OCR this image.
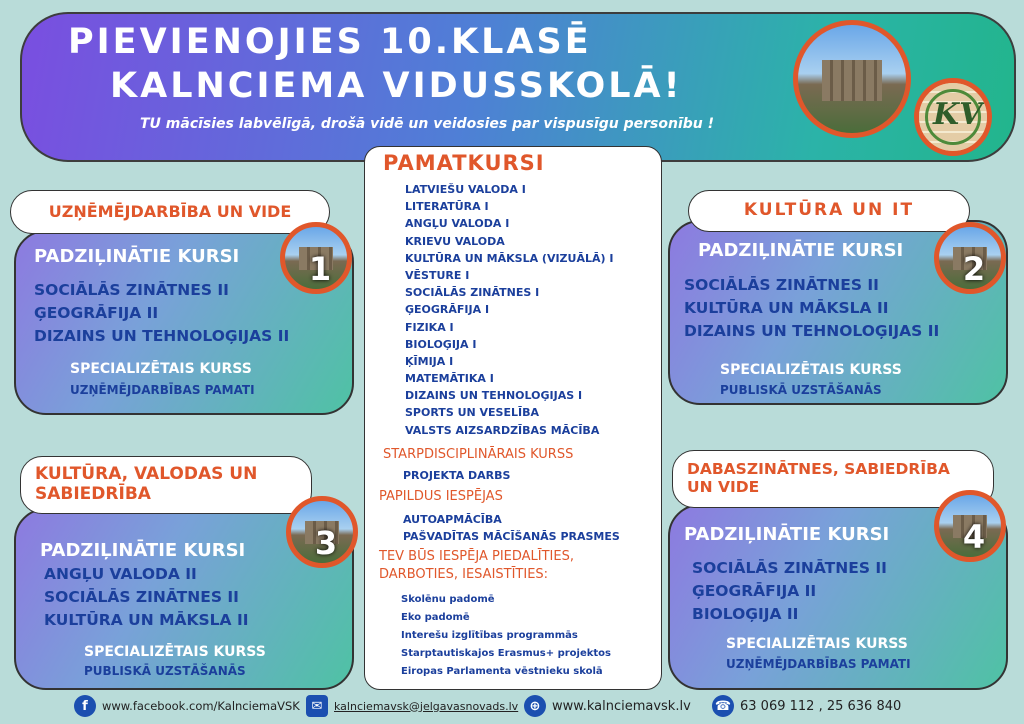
PIEVIENOJIES 10.KLASĒ
KALNCIEMA VIDUSSKOLĀ!
TU mācīsies labvēlīgā, drošā vidē un veidosies par vispusīgu personību !	KV
PAMATKURSI
LATVIEŠU VALODA I
LITERATŪRA I
ANGĻU VALODA I
KRIEVU VALODA
KULTŪRA UN MĀKSLA (VIZUĀLĀ) I
VĒSTURE I
SOCIĀLĀS ZINĀTNES I
ĢEOGRĀFIJA I
FIZIKA I
BIOLOĢIJA I
ĶĪMIJA I
MATEMĀTIKA I
DIZAINS UN TEHNOLOĢIJAS I
SPORTS UN VESELĪBA
VALSTS AIZSARDZĪBAS MĀCĪBA
STARPDISCIPLINĀRAIS KURSS
PROJEKTA DARBS
PAPILDUS IESPĒJAS
AUTOAPMĀCĪBA
PAŠVADĪTAS MĀCĪŠANĀS PRASMES
TEV BŪS IESPĒJA PIEDALĪTIES,
DARBOTIES, IESAISTĪTIES:
Skolēnu padomē
Eko padomē
Interešu izglītības programmās
Starptautiskajos Erasmus+ projektos
Eiropas Parlamenta vēstnieku skolā
UZŅĒMĒJDARBĪBA UN VIDE
1
PADZIĻINĀTIE KURSI
SOCIĀLĀS ZINĀTNES II
ĢEOGRĀFIJA II
DIZAINS UN TEHNOLOĢIJAS II
SPECIALIZĒTAIS KURSS
UZŅĒMĒJDARBĪBAS PAMATI
KULTŪRA UN IT
2
PADZIĻINĀTIE KURSI
SOCIĀLĀS ZINĀTNES II
KULTŪRA UN MĀKSLA II
DIZAINS UN TEHNOLOĢIJAS II
SPECIALIZĒTAIS KURSS
PUBLISKĀ UZSTĀŠANĀS
KULTŪRA, VALODAS UN
SABIEDRĪBA
3
PADZIĻINĀTIE KURSI
ANGĻU VALODA II
SOCIĀLĀS ZINĀTNES II
KULTŪRA UN MĀKSLA II
SPECIALIZĒTAIS KURSS
PUBLISKĀ UZSTĀŠANĀS
DABASZINĀTNES, SABIEDRĪBA
UN VIDE
4
PADZIĻINĀTIE KURSI
SOCIĀLĀS ZINĀTNES II
ĢEOGRĀFIJA II
BIOLOĢIJA II
SPECIALIZĒTAIS KURSS
UZŅĒMĒJDARBĪBAS PAMATI
f	www.facebook.com/KalnciemaVSK ✉	kalnciemavsk@jelgavasnovads.lv ⊕ www.kalnciemavsk.lv ☎ 63 069 112 , 25 636 840
